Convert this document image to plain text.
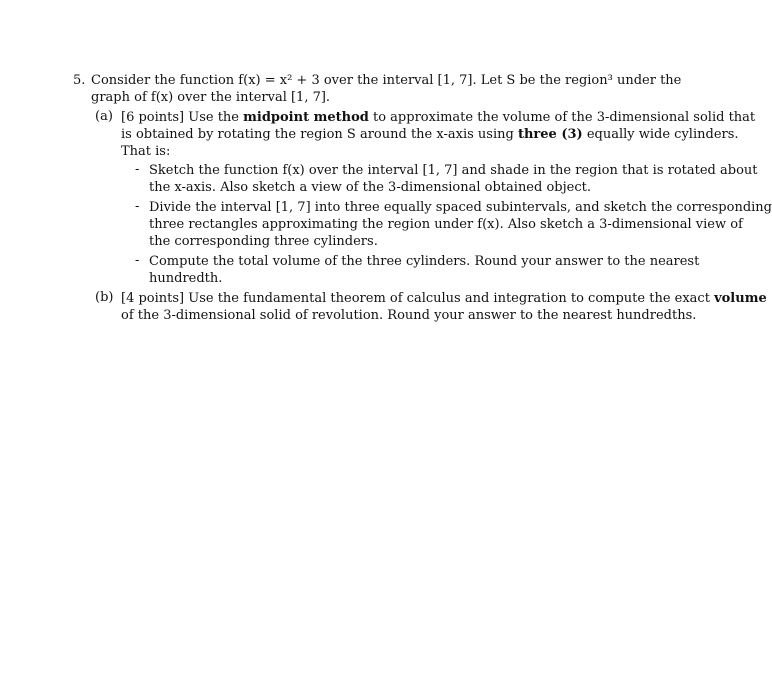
5. Consider the function f(x) = x² + 3 over the interval [1, 7]. Let S be the region³ under the
graph of f(x) over the interval [1, 7].
(a) [6 points] Use the midpoint method to approximate the volume of the 3-dimensional solid that
is obtained by rotating the region S around the x-axis using three (3) equally wide cylinders.
That is:
- Sketch the function f(x) over the interval [1, 7] and shade in the region that is rotated about
the x-axis. Also sketch a view of the 3-dimensional obtained object.
- Divide the interval [1, 7] into three equally spaced subintervals, and sketch the corresponding
three rectangles approximating the region under f(x). Also sketch a 3-dimensional view of
the corresponding three cylinders.
- Compute the total volume of the three cylinders. Round your answer to the nearest
hundredth.
(b) [4 points] Use the fundamental theorem of calculus and integration to compute the exact volume
of the 3-dimensional solid of revolution. Round your answer to the nearest hundredths.
